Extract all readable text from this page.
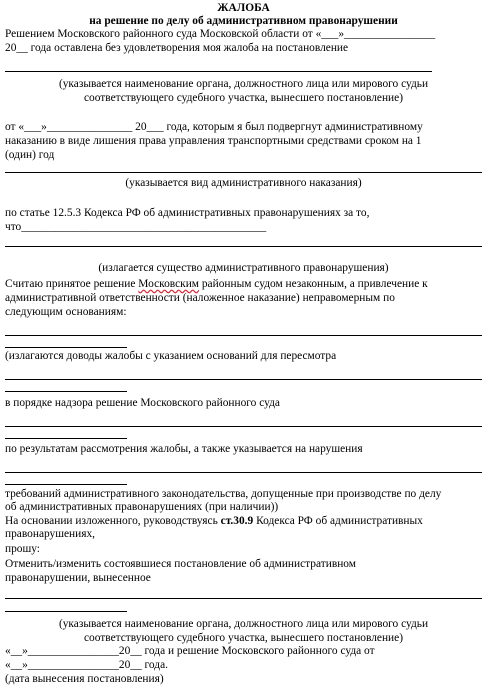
ЖАЛОБА
на решение по делу об административном правонарушении
Решением Московского районного суда Московской области от «___»________________
20__ года оставлена без удовлетворения моя жалоба на постановление
(указывается наименование органа, должностного лица или мирового судьи
соответствующего судебного участка, вынесшего постановление)
от «___»_______________ 20___ года, которым я был подвергнут административному
наказанию в виде лишения права управления транспортными средствами сроком на 1
(один) год
(указывается вид административного наказания)
по статье 12.5.3 Кодекса РФ об административных правонарушениях за то,
что___________________________________________
(излагается существо административного правонарушения)
Считаю принятое решение Московским районным судом незаконным, а привлечение к
административной ответственности (наложенное наказание) неправомерным по
следующим основаниям:
(излагаются доводы жалобы с указанием оснований для пересмотра
в порядке надзора решение Московского районного суда
по результатам рассмотрения жалобы, а также указывается на нарушения
требований административного законодательства, допущенные при производстве по делу
об административных правонарушениях (при наличии))
На основании изложенного, руководствуясь ст.30.9 Кодекса РФ об административных
правонарушениях,
прошу:
Отменить/изменить состоявшиеся постановление об административном
правонарушении, вынесенное
(указывается наименование органа, должностного лица или мирового судьи
соответствующего судебного участка, вынесшего постановление)
«__»________________20__ года и решение Московского районного суда от
«__»________________20__ года.
(дата вынесения постановления)
